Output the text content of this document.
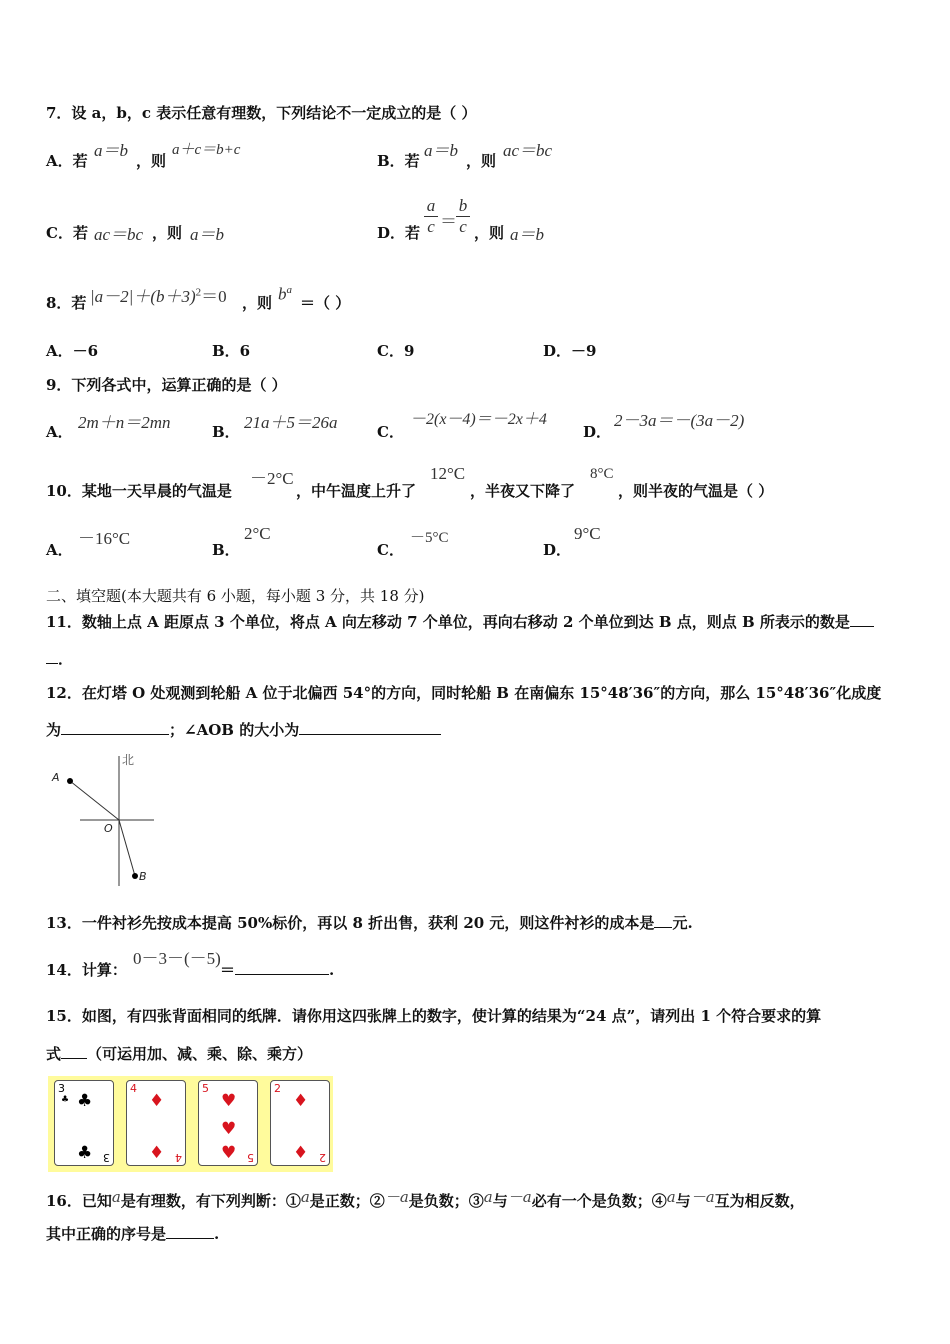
7．设 a，b，c 表示任意有理数，下列结论不一定成立的是（ ）
A．若
a＝b
，则
a＋c＝b+c
B．若
a＝b
，则
ac＝bc
C．若 ac＝bc ，则 a＝b	D．若 $\frac{a}{c} = \frac{b}{c}$ ，则 a＝b
8．若 $|a-2|+(b+3)^2=0$ ，则 $b^a$
＝（ ）
A．－6	B．6	C．9	D．－9
9．下列各式中，运算正确的是（ ）
A． 2m＋n＝2mn	B． 21a＋5＝26a	C．
－2(x－4)＝－2x＋4
D．
2－3a＝－(3a－2)
10．某地一天早晨的气温是
－2°C
，中午温度上升了
12°C
，半夜又下降了
8°C
，则半夜的气温是（ ）
A．
－16°C
B．
2°C
C．
－5°C
D．
9°C
二、填空题(本大题共有 6 小题，每小题 3 分，共 18 分)
11．数轴上点 A 距原点 3 个单位，将点 A 向左移动 7 个单位，再向右移动 2 个单位到达 B 点，则点 B 所表示的数是
．
12．在灯塔 O 处观测到轮船 A 位于北偏西 54°的方向，同时轮船 B 在南偏东 15°48′36″的方向，那么 15°48′36″化成度
为	；∠AOB 的大小为
北
A
O
B
13．一件衬衫先按成本提高 50%标价，再以 8 折出售，获利 20 元，则这件衬衫的成本是 元.
14．计算：
0－3－(－5)
＝	.
15．如图，有四张背面相同的纸牌．请你用这四张牌上的数字，使计算的结果为“24 点”，请列出 1 个符合要求的算
式 （可运用加、减、乘、除、乘方）
3
♣ ♣
♣ 3
4
♦
♦ 4
5
♥
♥
♥ 5
2
♦
♦ 2
16．已知a是有理数，有下列判断：①a是正数；②－a是负数；③a与－a必有一个是负数；④a与－a互为相反数，
其中正确的序号是	.
